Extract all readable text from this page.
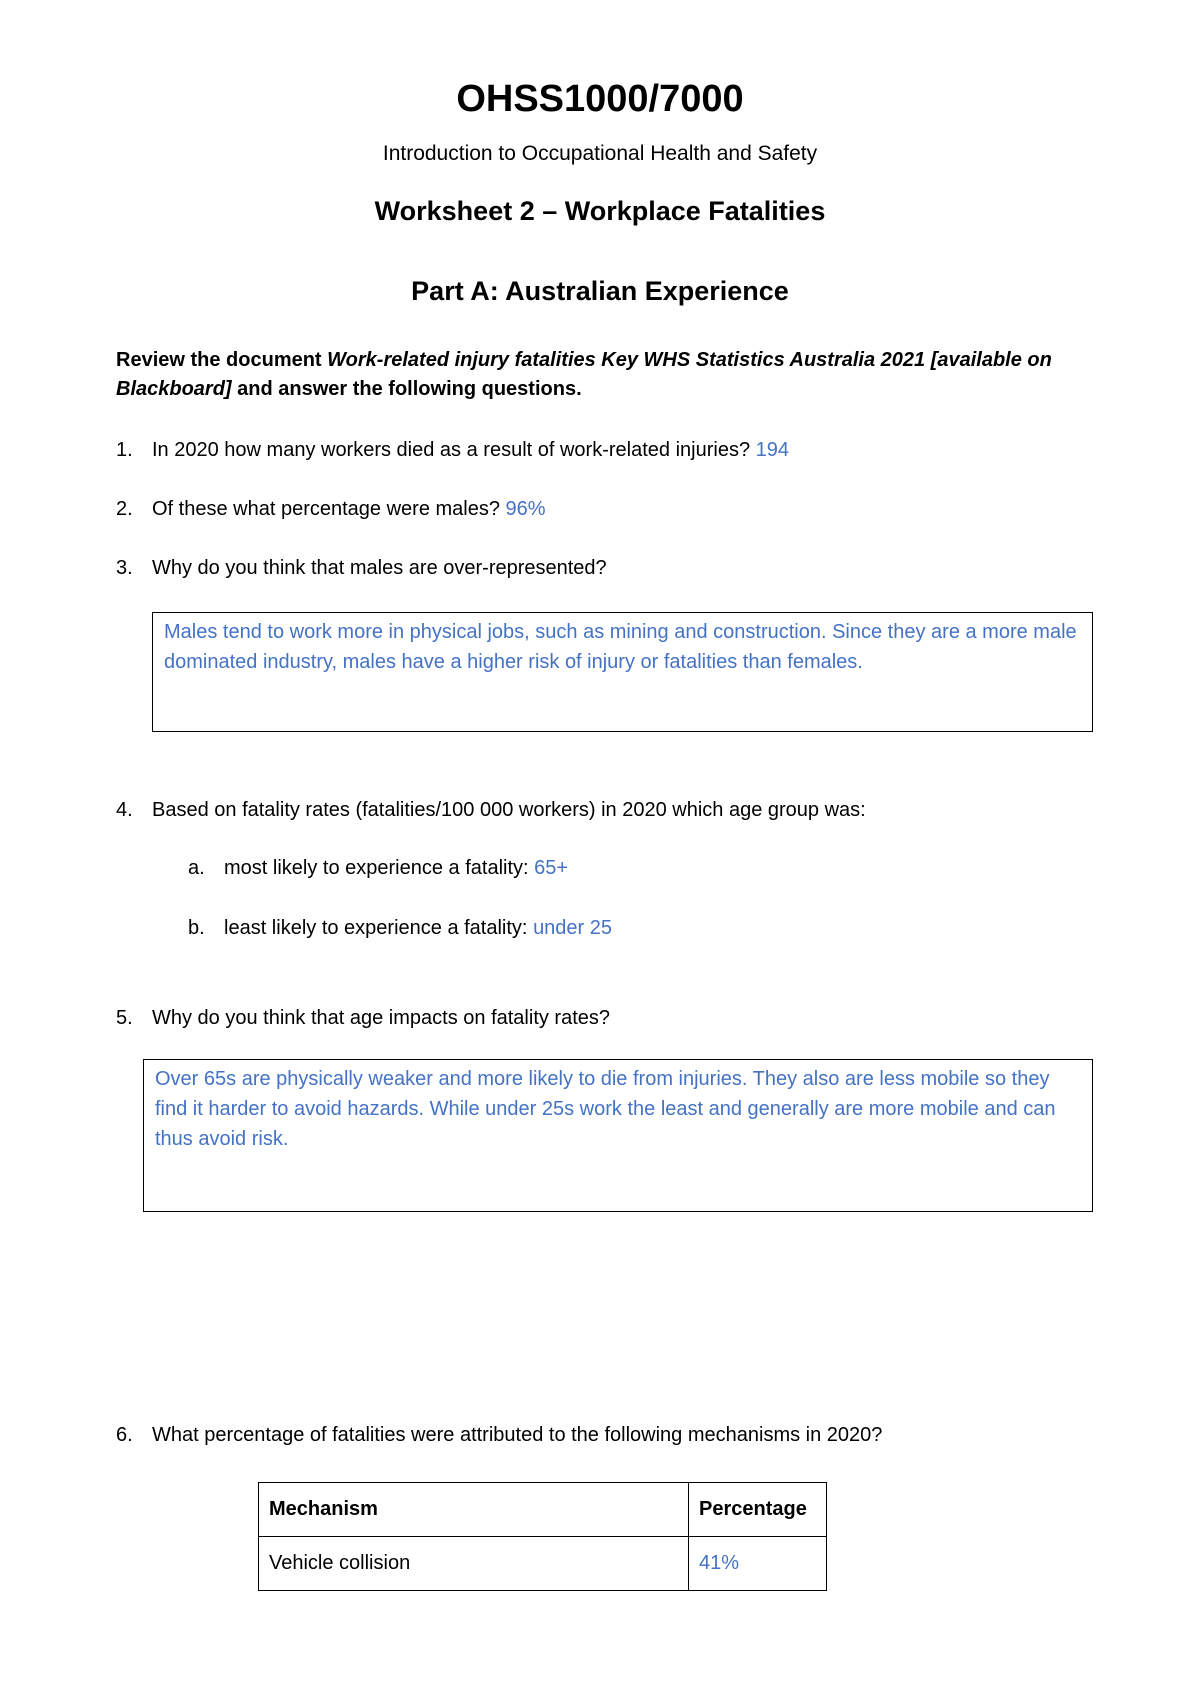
OHSS1000/7000
Introduction to Occupational Health and Safety
Worksheet 2 – Workplace Fatalities
Part A: Australian Experience
Review the document Work-related injury fatalities Key WHS Statistics Australia 2021 [available on Blackboard] and answer the following questions.
1. In 2020 how many workers died as a result of work-related injuries? 194
2. Of these what percentage were males? 96%
3. Why do you think that males are over-represented?
Males tend to work more in physical jobs, such as mining and construction. Since they are a more male dominated industry, males have a higher risk of injury or fatalities than females.
4. Based on fatality rates (fatalities/100 000 workers) in 2020 which age group was:
a. most likely to experience a fatality: 65+
b. least likely to experience a fatality: under 25
5. Why do you think that age impacts on fatality rates?
Over 65s are physically weaker and more likely to die from injuries. They also are less mobile so they find it harder to avoid hazards. While under 25s work the least and generally are more mobile and can thus avoid risk.
6. What percentage of fatalities were attributed to the following mechanisms in 2020?
Mechanism	Percentage
Vehicle collision	41%
